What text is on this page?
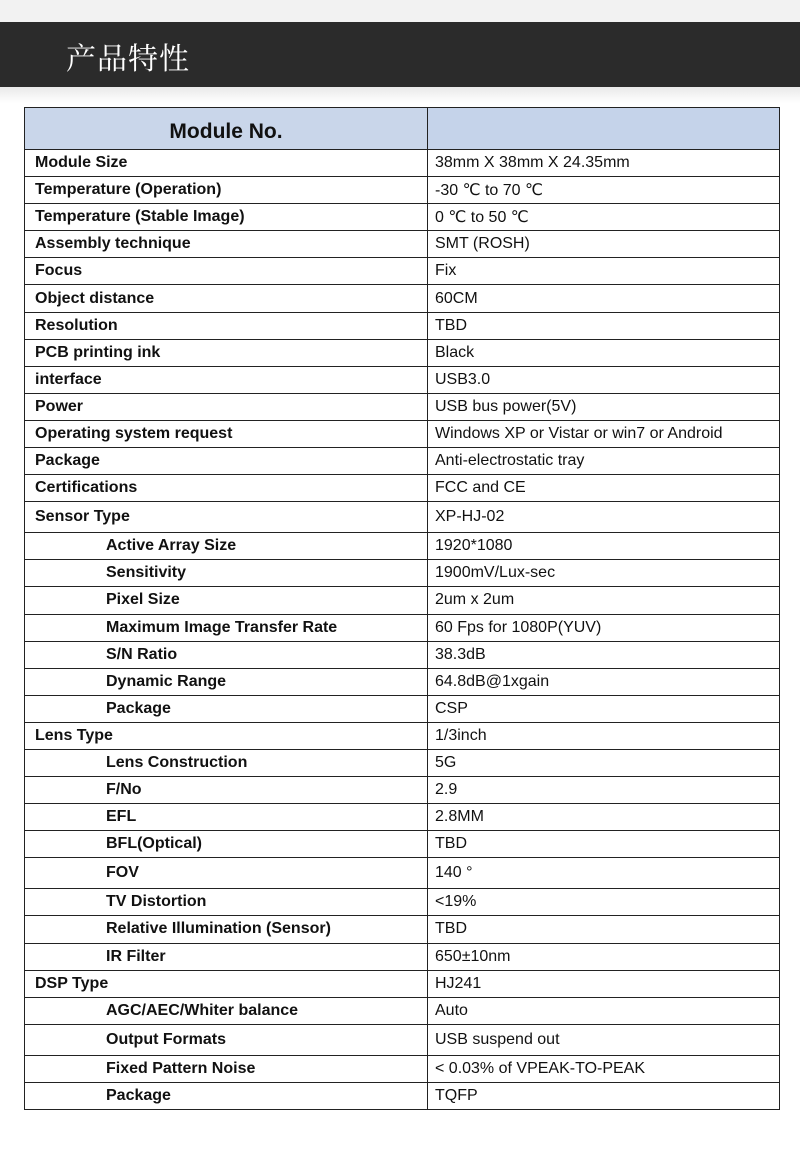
产品特性
Module No.	
Module Size	38mm X 38mm X 24.35mm
Temperature (Operation)	-30 ℃ to 70 ℃
Temperature (Stable Image)	0 ℃ to 50 ℃
Assembly technique	SMT (ROSH)
Focus	Fix
Object distance	60CM
Resolution	TBD
PCB printing ink	Black
interface	USB3.0
Power	USB bus power(5V)
Operating system request	Windows XP or Vistar or win7 or Android
Package	Anti-electrostatic tray
Certifications	FCC and CE
Sensor Type	XP-HJ-02
Active Array Size	1920*1080
Sensitivity	1900mV/Lux-sec
Pixel Size	2um x 2um
Maximum Image Transfer Rate	60 Fps for 1080P(YUV)
S/N Ratio	38.3dB
Dynamic Range	64.8dB@1xgain
Package	CSP
Lens Type	1/3inch
Lens Construction	5G
F/No	2.9
EFL	2.8MM
BFL(Optical)	TBD
FOV	140 °
TV Distortion	<19%
Relative Illumination (Sensor)	TBD
IR Filter	650±10nm
DSP Type	HJ241
AGC/AEC/Whiter balance	Auto
Output Formats	USB suspend out
Fixed Pattern Noise	< 0.03% of VPEAK-TO-PEAK
Package	TQFP
